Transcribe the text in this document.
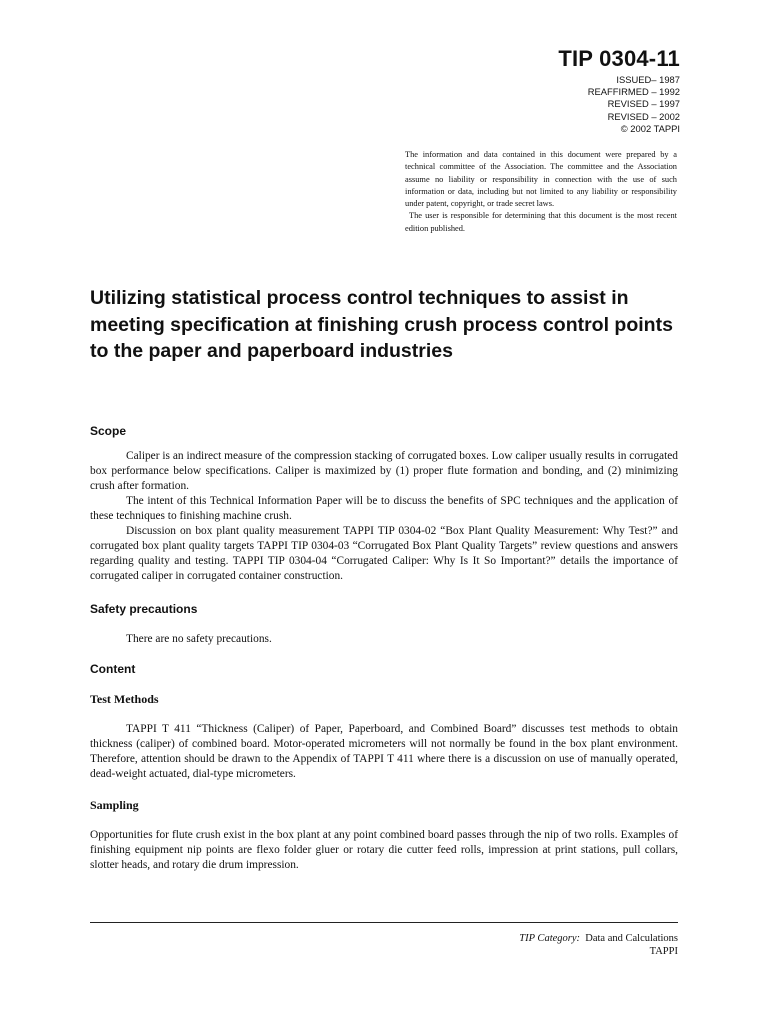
TIP 0304-11
ISSUED– 1987
REAFFIRMED – 1992
REVISED – 1997
REVISED – 2002
© 2002 TAPPI

The information and data contained in this document were prepared by a technical committee of the Association. The committee and the Association assume no liability or responsibility in connection with the use of such information or data, including but not limited to any liability or responsibility under patent, copyright, or trade secret laws.

The user is responsible for determining that this document is the most recent edition published.

Utilizing statistical process control techniques to assist in meeting specification at finishing crush process control points to the paper and paperboard industries
Scope

Caliper is an indirect measure of the compression stacking of corrugated boxes. Low caliper usually results in corrugated box performance below specifications. Caliper is maximized by (1) proper flute formation and bonding, and (2) minimizing crush after formation.

The intent of this Technical Information Paper will be to discuss the benefits of SPC techniques and the application of these techniques to finishing machine crush.

Discussion on box plant quality measurement TAPPI TIP 0304-02 “Box Plant Quality Measurement: Why Test?” and corrugated box plant quality targets TAPPI TIP 0304-03 “Corrugated Box Plant Quality Targets” review questions and answers regarding quality and testing. TAPPI TIP 0304-04 “Corrugated Caliper: Why Is It So Important?” details the importance of corrugated caliper in corrugated container construction.

Safety precautions

There are no safety precautions.

Content
Test Methods

TAPPI T 411 “Thickness (Caliper) of Paper, Paperboard, and Combined Board” discusses test methods to obtain thickness (caliper) of combined board. Motor-operated micrometers will not normally be found in the box plant environment. Therefore, attention should be drawn to the Appendix of TAPPI T 411 where there is a discussion on use of manually operated, dead-weight actuated, dial-type micrometers.

Sampling

Opportunities for flute crush exist in the box plant at any point combined board passes through the nip of two rolls. Examples of finishing equipment nip points are flexo folder gluer or rotary die cutter feed rolls, impression at print stations, pull collars, slotter heads, and rotary die drum impression.

TIP Category: Data and Calculations
TAPPI
